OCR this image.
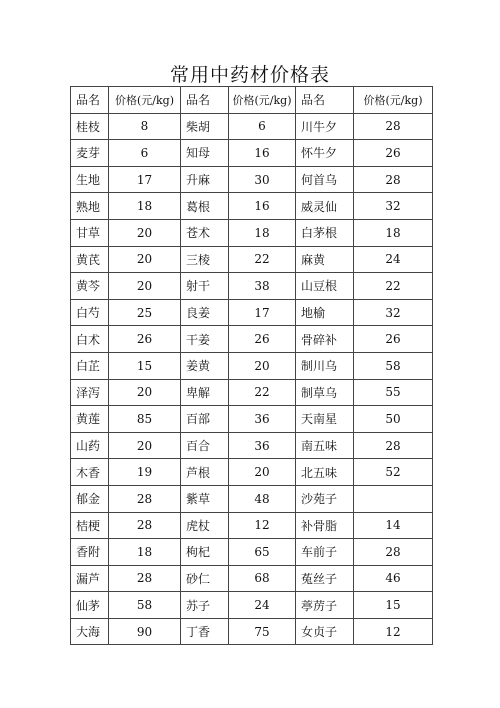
常用中药材价格表
品名	价格(元/kg)	品名	价格(元/kg)	品名	价格(元/kg)
桂枝	8	柴胡	6	川牛夕	28
麦芽	6	知母	16	怀牛夕	26
生地	17	升麻	30	何首乌	28
熟地	18	葛根	16	威灵仙	32
甘草	20	苍术	18	白茅根	18
黄芪	20	三棱	22	麻黄	24
黄芩	20	射干	38	山豆根	22
白芍	25	良姜	17	地榆	32
白术	26	干姜	26	骨碎补	26
白芷	15	姜黄	20	制川乌	58
泽泻	20	卑解	22	制草乌	55
黄莲	85	百部	36	天南星	50
山药	20	百合	36	南五味	28
木香	19	芦根	20	北五味	52
郁金	28	紫草	48	沙苑子	
桔梗	28	虎杖	12	补骨脂	14
香附	18	枸杞	65	车前子	28
漏芦	28	砂仁	68	菟丝子	46
仙茅	58	苏子	24	葶苈子	15
大海	90	丁香	75	女贞子	12
